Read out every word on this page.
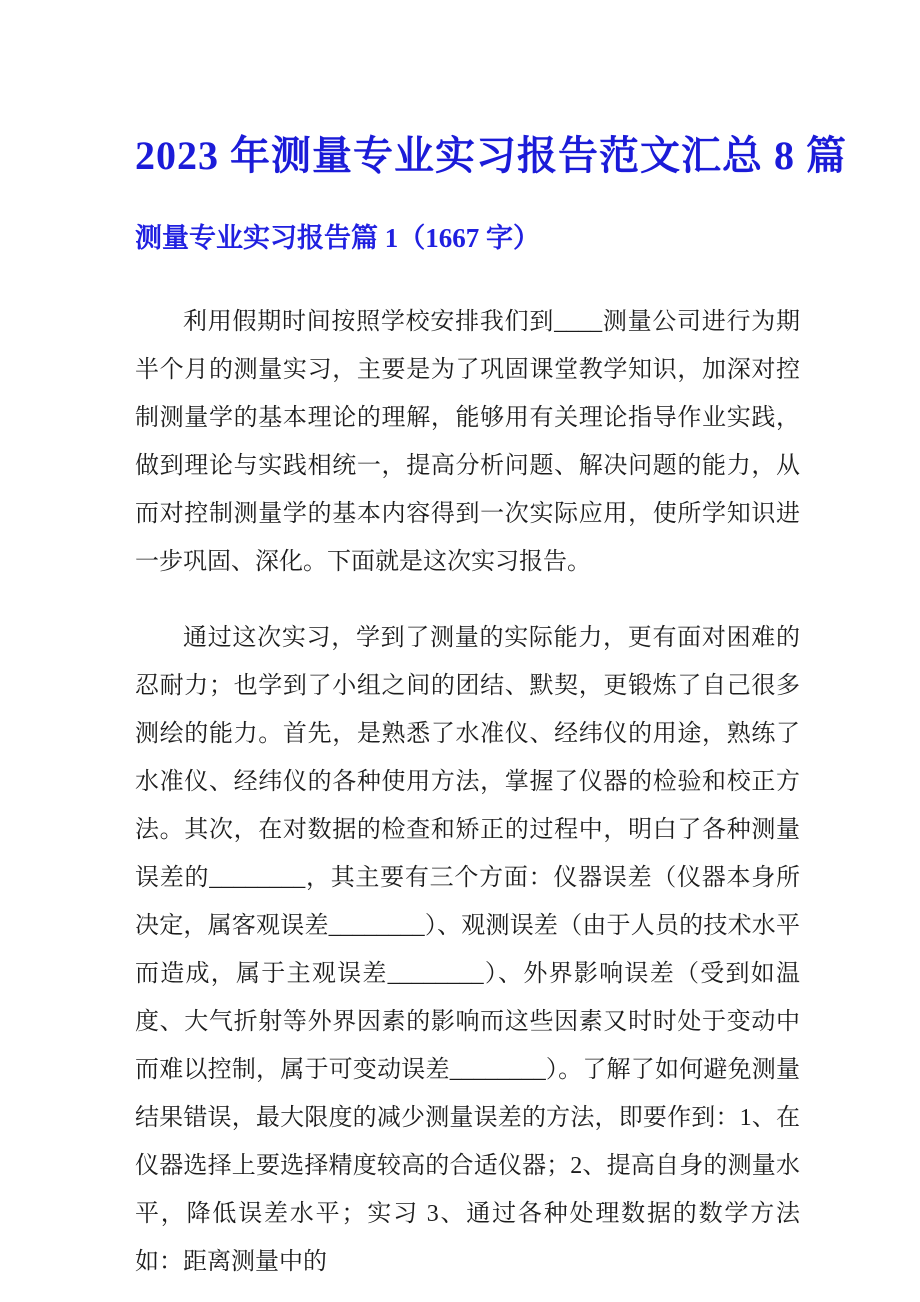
2023 年测量专业实习报告范文汇总 8 篇
测量专业实习报告篇 1（1667 字）

利用假期时间按照学校安排我们到____测量公司进行为期半个月的测量实习，主要是为了巩固课堂教学知识，加深对控制测量学的基本理论的理解，能够用有关理论指导作业实践，做到理论与实践相统一，提高分析问题、解决问题的能力，从而对控制测量学的基本内容得到一次实际应用，使所学知识进一步巩固、深化。下面就是这次实习报告。

通过这次实习，学到了测量的实际能力，更有面对困难的忍耐力；也学到了小组之间的团结、默契，更锻炼了自己很多测绘的能力。首先，是熟悉了水准仪、经纬仪的用途，熟练了水准仪、经纬仪的各种使用方法，掌握了仪器的检验和校正方法。其次，在对数据的检查和矫正的过程中，明白了各种测量误差的________，其主要有三个方面：仪器误差（仪器本身所决定，属客观误差________）、观测误差（由于人员的技术水平而造成，属于主观误差________）、外界影响误差（受到如温度、大气折射等外界因素的影响而这些因素又时时处于变动中而难以控制，属于可变动误差________）。了解了如何避免测量结果错误，最大限度的减少测量误差的方法，即要作到：1、在仪器选择上要选择精度较高的合适仪器；2、提高自身的测量水平，降低误差水平；实习 3、通过各种处理数据的数学方法如：距离测量中的
